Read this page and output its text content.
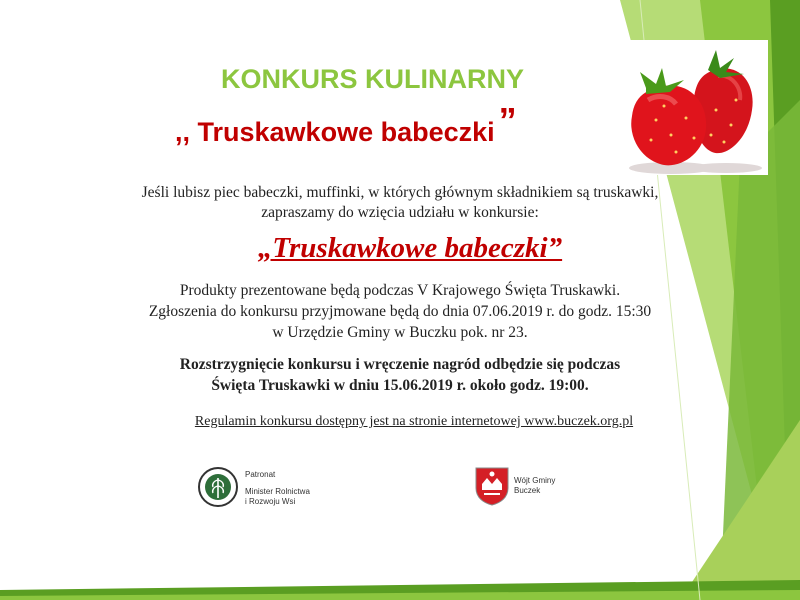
KONKURS KULINARNY
,, Truskawkowe babeczki ”
Jeśli lubisz piec babeczki, muffinki, w których głównym składnikiem są truskawki,
zapraszamy do wzięcia udziału w konkursie:
„Truskawkowe babeczki”
Produkty prezentowane będą podczas V Krajowego Święta Truskawki.
Zgłoszenia do konkursu przyjmowane będą do dnia 07.06.2019 r. do godz. 15:30
w Urzędzie Gminy w Buczku pok. nr 23.
Rozstrzygnięcie konkursu i wręczenie nagród odbędzie się podczas
Święta Truskawki w dniu 15.06.2019 r. około godz. 19:00.
Regulamin konkursu dostępny jest na stronie internetowej www.buczek.org.pl
Patronat
Minister Rolnictwa
i Rozwoju Wsi
Wójt Gminy
Buczek
